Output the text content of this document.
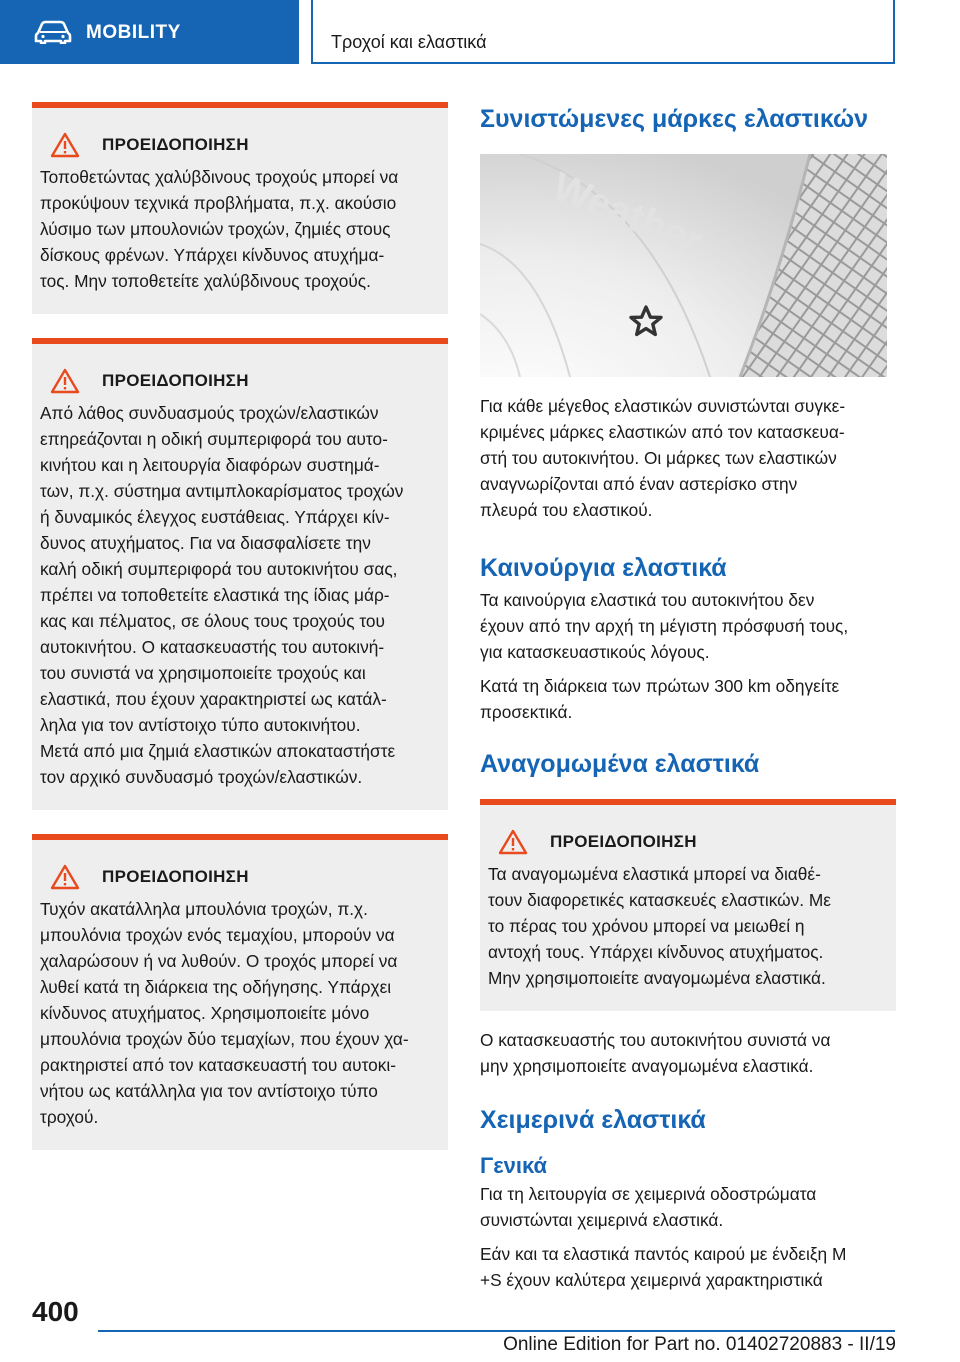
MOBILITY	Τροχοί και ελαστικά
ΠΡΟΕΙΔΟΠΟΙΗΣΗ
Τοποθετώντας χαλύβδινους τροχούς μπορεί να
προκύψουν τεχνικά προβλήματα, π.χ. ακούσιο
λύσιμο των μπουλονιών τροχών, ζημιές στους
δίσκους φρένων. Υπάρχει κίνδυνος ατυχήμα‐
τος. Μην τοποθετείτε χαλύβδινους τροχούς.
ΠΡΟΕΙΔΟΠΟΙΗΣΗ
Από λάθος συνδυασμούς τροχών/ελαστικών
επηρεάζονται η οδική συμπεριφορά του αυτο‐
κινήτου και η λειτουργία διαφόρων συστημά‐
των, π.χ. σύστημα αντιμπλοκαρίσματος τροχών
ή δυναμικός έλεγχος ευστάθειας. Υπάρχει κίν‐
δυνος ατυχήματος. Για να διασφαλίσετε την
καλή οδική συμπεριφορά του αυτοκινήτου σας,
πρέπει να τοποθετείτε ελαστικά της ίδιας μάρ‐
κας και πέλματος, σε όλους τους τροχούς του
αυτοκινήτου. Ο κατασκευαστής του αυτοκινή‐
του συνιστά να χρησιμοποιείτε τροχούς και
ελαστικά, που έχουν χαρακτηριστεί ως κατάλ‐
ληλα για τον αντίστοιχο τύπο αυτοκινήτου.
Μετά από μια ζημιά ελαστικών αποκαταστήστε
τον αρχικό συνδυασμό τροχών/ελαστικών.
ΠΡΟΕΙΔΟΠΟΙΗΣΗ
Τυχόν ακατάλληλα μπουλόνια τροχών, π.χ.
μπουλόνια τροχών ενός τεμαχίου, μπορούν να
χαλαρώσουν ή να λυθούν. Ο τροχός μπορεί να
λυθεί κατά τη διάρκεια της οδήγησης. Υπάρχει
κίνδυνος ατυχήματος. Χρησιμοποιείτε μόνο
μπουλόνια τροχών δύο τεμαχίων, που έχουν χα‐
ρακτηριστεί από τον κατασκευαστή του αυτοκι‐
νήτου ως κατάλληλα για τον αντίστοιχο τύπο
τροχού.
Συνιστώμενες μάρκες ελαστικών
Weather
Για κάθε μέγεθος ελαστικών συνιστώνται συγκε‐
κριμένες μάρκες ελαστικών από τον κατασκευα‐
στή του αυτοκινήτου. Οι μάρκες των ελαστικών
αναγνωρίζονται από έναν αστερίσκο στην
πλευρά του ελαστικού.
Καινούργια ελαστικά
Τα καινούργια ελαστικά του αυτοκινήτου δεν
έχουν από την αρχή τη μέγιστη πρόσφυσή τους,
για κατασκευαστικούς λόγους.
Κατά τη διάρκεια των πρώτων 300 km οδηγείτε
προσεκτικά.
Αναγομωμένα ελαστικά
ΠΡΟΕΙΔΟΠΟΙΗΣΗ
Τα αναγομωμένα ελαστικά μπορεί να διαθέ‐
τουν διαφορετικές κατασκευές ελαστικών. Με
το πέρας του χρόνου μπορεί να μειωθεί η
αντοχή τους. Υπάρχει κίνδυνος ατυχήματος.
Μην χρησιμοποιείτε αναγομωμένα ελαστικά.
Ο κατασκευαστής του αυτοκινήτου συνιστά να
μην χρησιμοποιείτε αναγομωμένα ελαστικά.
Χειμερινά ελαστικά
Γενικά
Για τη λειτουργία σε χειμερινά οδοστρώματα
συνιστώνται χειμερινά ελαστικά.
Εάν και τα ελαστικά παντός καιρού με ένδειξη M
+S έχουν καλύτερα χειμερινά χαρακτηριστικά
400
Online Edition for Part no. 01402720883 - II/19
